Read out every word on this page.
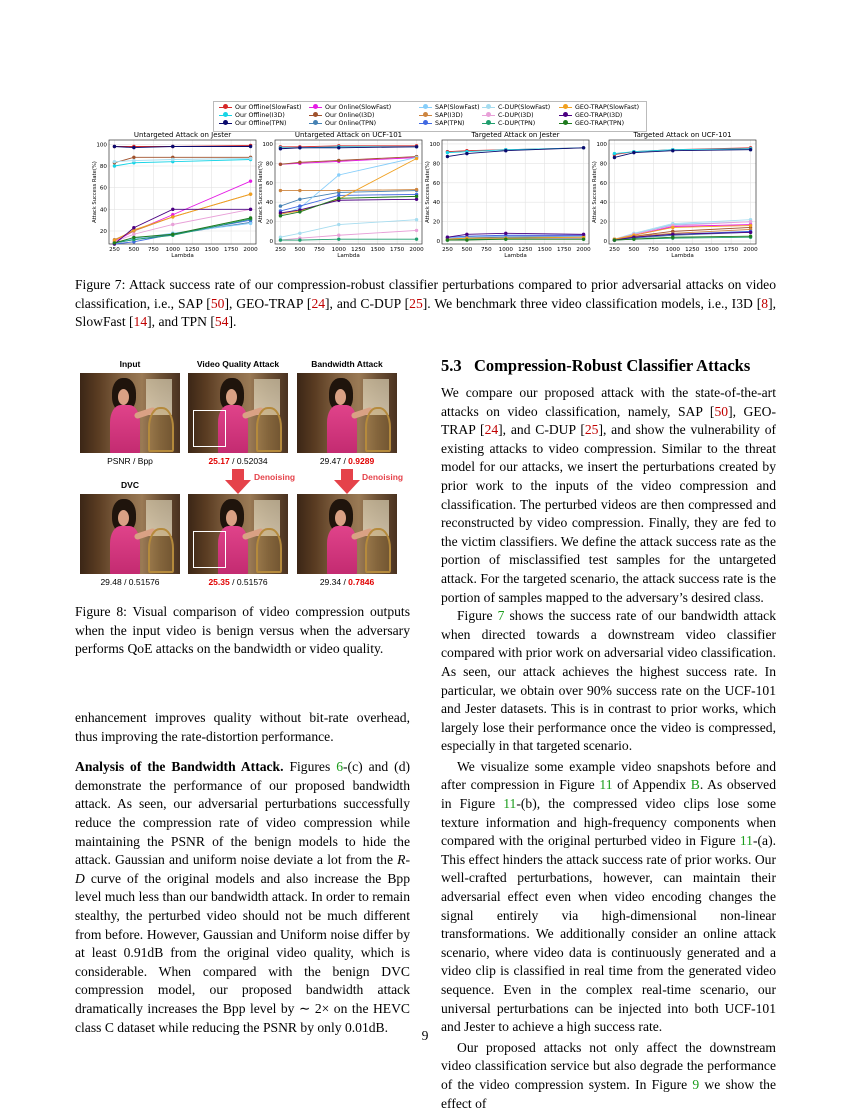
Our Offline(SlowFast)
Our Offline(I3D)
Our Offline(TPN)
Our Online(SlowFast)
Our Online(I3D)
Our Online(TPN)
SAP(SlowFast)
SAP(I3D)
SAP(TPN)
C-DUP(SlowFast)
C-DUP(I3D)
C-DUP(TPN)
GEO-TRAP(SlowFast)
GEO-TRAP(I3D)
GEO-TRAP(TPN)
Untargeted Attack on Jester
250 500 750 1000 1250 1500 1750 2000
20
40
60
80
100
Lambda
Attack Success Rate(%)
Untargeted Attack on UCF-101
250 500 750 1000 1250 1500 1750 2000
0
20
40
60
80
100
Lambda
Attack Success Rate(%)
Targeted Attack on Jester
250 500 750 1000 1250 1500 1750 2000
0
20
40
60
80
100
Lambda
Attack Success Rate(%)
Targeted Attack on UCF-101
250 500 750 1000 1250 1500 1750 2000
0
20
40
60
80
100
Lambda
Attack Success Rate(%)
Figure 7: Attack success rate of our compression-robust classifier perturbations compared to prior adversarial attacks on video classification, i.e., SAP [50], GEO-TRAP [24], and C-DUP [25]. We benchmark three video classification models, i.e., I3D [8], SlowFast [14], and TPN [54].
Input	Video Quality Attack	Bandwidth Attack
PSNR / Bpp	25.17 / 0.52034	29.47 / 0.9289
DVC
Denoising	Denoising
29.48 / 0.51576	25.35 / 0.51576	29.34 / 0.7846
Figure 8: Visual comparison of video compression outputs when the input video is benign versus when the adversary performs QoE attacks on the bandwidth or video quality.

enhancement improves quality without bit-rate overhead, thus improving the rate-distortion performance.

Analysis of the Bandwidth Attack. Figures 6-(c) and (d) demonstrate the performance of our proposed bandwidth attack. As seen, our adversarial perturbations successfully reduce the compression rate of video compression while maintaining the PSNR of the benign models to hide the attack. Gaussian and uniform noise deviate a lot from the R-D curve of the original models and also increase the Bpp level much less than our bandwidth attack. In order to remain stealthy, the perturbed video should not be much different from before. However, Gaussian and Uniform noise differ by at least 0.91dB from the original video quality, which is considerable. When compared with the benign DVC compression model, our proposed bandwidth attack dramatically increases the Bpp level by ∼ 2× on the HEVC class C dataset while reducing the PSNR by only 0.01dB.

5.3   Compression-Robust Classifier Attacks

We compare our proposed attack with the state-of-the-art attacks on video classification, namely, SAP [50], GEO-TRAP [24], and C-DUP [25], and show the vulnerability of existing attacks to video compression. Similar to the threat model for our attacks, we insert the perturbations created by prior work to the inputs of the video compression and classification. The perturbed videos are then compressed and reconstructed by video compression. Finally, they are fed to the victim classifiers. We define the attack success rate as the portion of misclassified test samples for the untargeted attack. For the targeted scenario, the attack success rate is the portion of samples mapped to the adversary’s desired class.

Figure 7 shows the success rate of our bandwidth attack when directed towards a downstream video classifier compared with prior work on adversarial video classification. As seen, our attack achieves the highest success rate. In particular, we obtain over 90% success rate on the UCF-101 and Jester datasets. This is in contrast to prior works, which largely lose their performance once the video is compressed, especially in that targeted scenario.

We visualize some example video snapshots before and after compression in Figure 11 of Appendix B. As observed in Figure 11-(b), the compressed video clips lose some texture information and high-frequency components when compared with the original perturbed video in Figure 11-(a). This effect hinders the attack success rate of prior works. Our well-crafted perturbations, however, can maintain their adversarial effect even when video encoding changes the signal entirely via high-dimensional non-linear transformations. We additionally consider an online attack scenario, where video data is continuously generated and a video clip is classified in real time from the generated video sequence. Even in the complex real-time scenario, our universal perturbations can be injected into both UCF-101 and Jester to achieve a high success rate.

Our proposed attacks not only affect the downstream video classification service but also degrade the performance of the video compression system. In Figure 9 we show the effect of

9
